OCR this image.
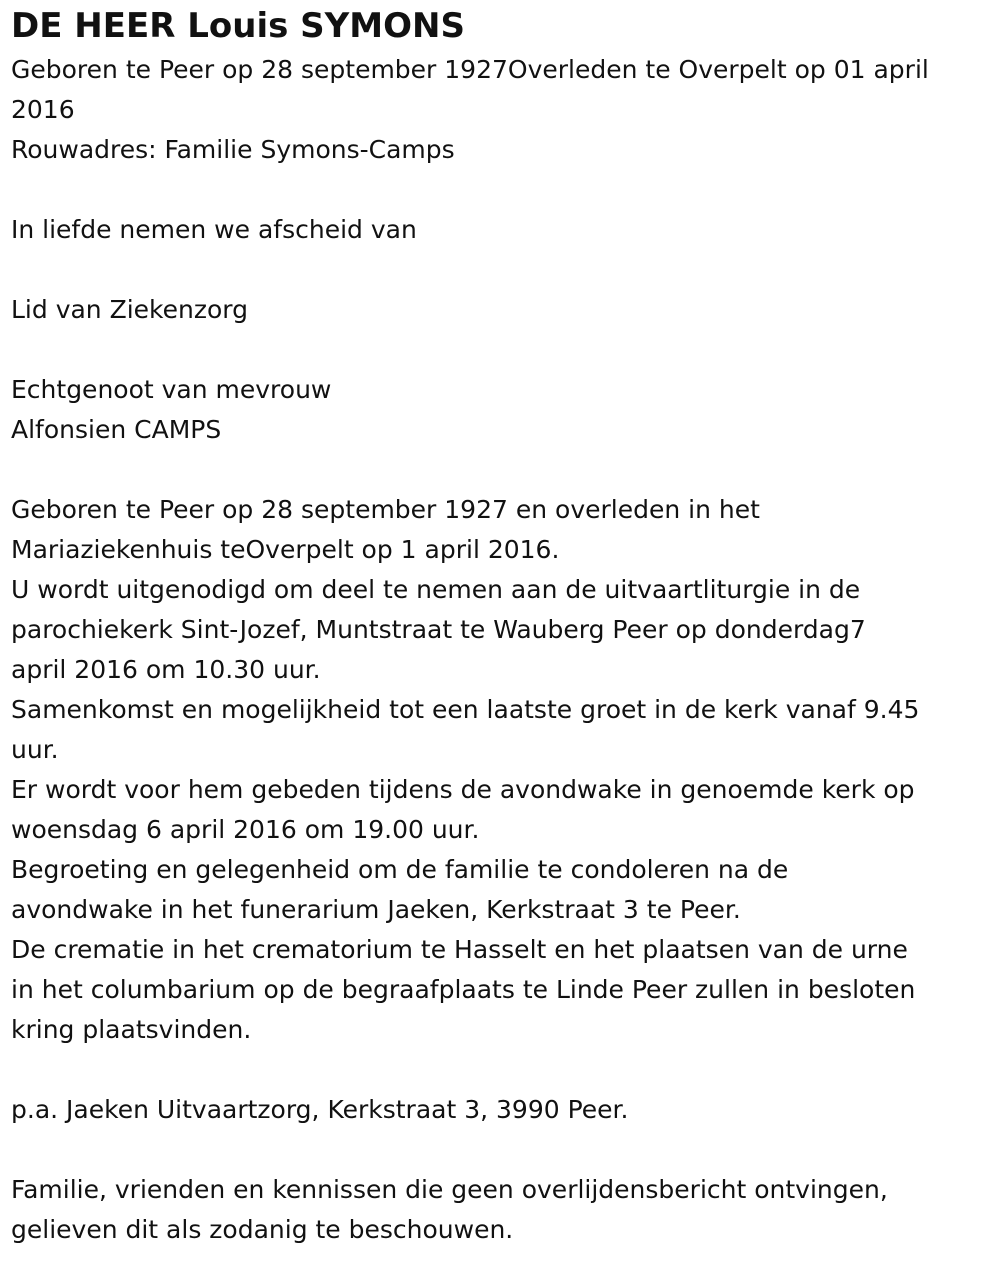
DE HEER Louis SYMONS

Geboren te Peer op 28 september 1927Overleden te Overpelt op 01 april 2016

Rouwadres: Familie Symons-Camps

In liefde nemen we afscheid van

Lid van Ziekenzorg

Echtgenoot van mevrouw

Alfonsien CAMPS

Geboren te Peer op 28 september 1927 en overleden in het

Mariaziekenhuis teOverpelt op 1 april 2016.

U wordt uitgenodigd om deel te nemen aan de uitvaartliturgie in de

parochiekerk Sint-Jozef, Muntstraat te Wauberg Peer op donderdag7

april 2016 om 10.30 uur.

Samenkomst en mogelijkheid tot een laatste groet in de kerk vanaf 9.45

uur.

Er wordt voor hem gebeden tijdens de avondwake in genoemde kerk op

woensdag 6 april 2016 om 19.00 uur.

Begroeting en gelegenheid om de familie te condoleren na de

avondwake in het funerarium Jaeken, Kerkstraat 3 te Peer.

De crematie in het crematorium te Hasselt en het plaatsen van de urne

in het columbarium op de begraafplaats te Linde Peer zullen in besloten

kring plaatsvinden.

p.a. Jaeken Uitvaartzorg, Kerkstraat 3, 3990 Peer.

Familie, vrienden en kennissen die geen overlijdensbericht ontvingen,

gelieven dit als zodanig te beschouwen.
